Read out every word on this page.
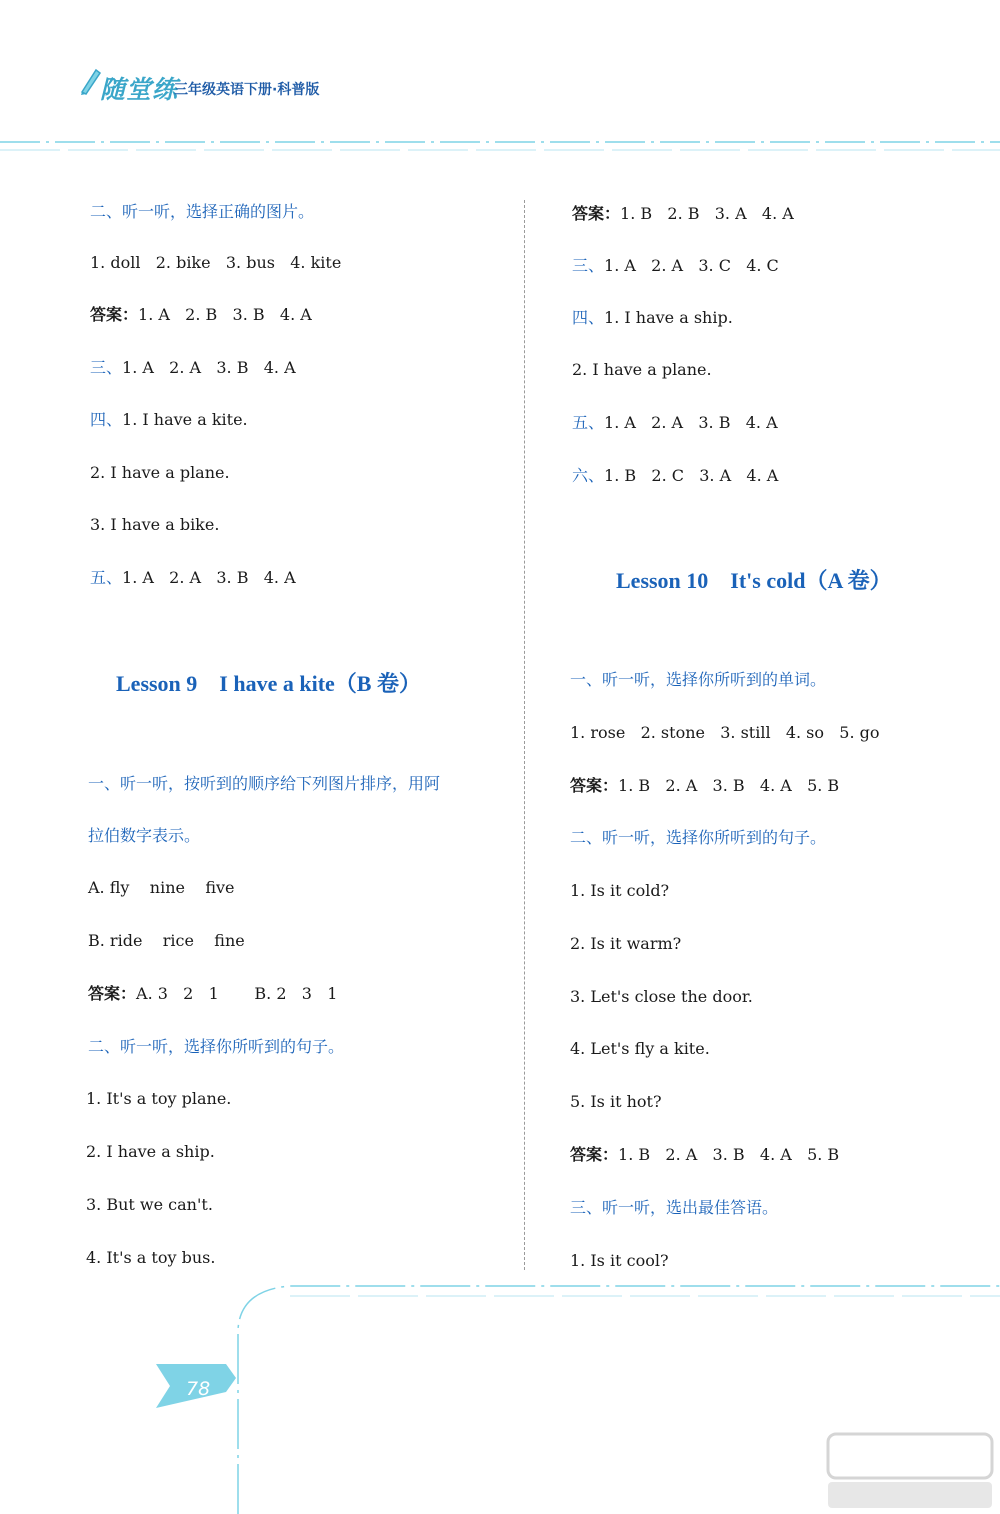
随堂练
三年级英语下册·科普版
二、听一听，选择正确的图片。
1. doll   2. bike   3. bus   4. kite
答案：1. A   2. B   3. B   4. A
三、1. A   2. A   3. B   4. A
四、1. I have a kite.
2. I have a plane.
3. I have a bike.
五、1. A   2. A   3. B   4. A
Lesson 9    I have a kite（B 卷）
一、听一听，按听到的顺序给下列图片排序，用阿
拉伯数字表示。
A. fly    nine    five
B. ride    rice    fine
答案：A. 3   2   1       B. 2   3   1
二、听一听，选择你所听到的句子。
1. It's a toy plane.
2. I have a ship.
3. But we can't.
4. It's a toy bus.
答案：1. B   2. B   3. A   4. A
三、1. A   2. A   3. C   4. C
四、1. I have a ship.
2. I have a plane.
五、1. A   2. A   3. B   4. A
六、1. B   2. C   3. A   4. A
Lesson 10    It's cold（A 卷）
一、听一听，选择你所听到的单词。
1. rose   2. stone   3. still   4. so   5. go
答案：1. B   2. A   3. B   4. A   5. B
二、听一听，选择你所听到的句子。
1. Is it cold?
2. Is it warm?
3. Let's close the door.
4. Let's fly a kite.
5. Is it hot?
答案：1. B   2. A   3. B   4. A   5. B
三、听一听，选出最佳答语。
1. Is it cool?
78
